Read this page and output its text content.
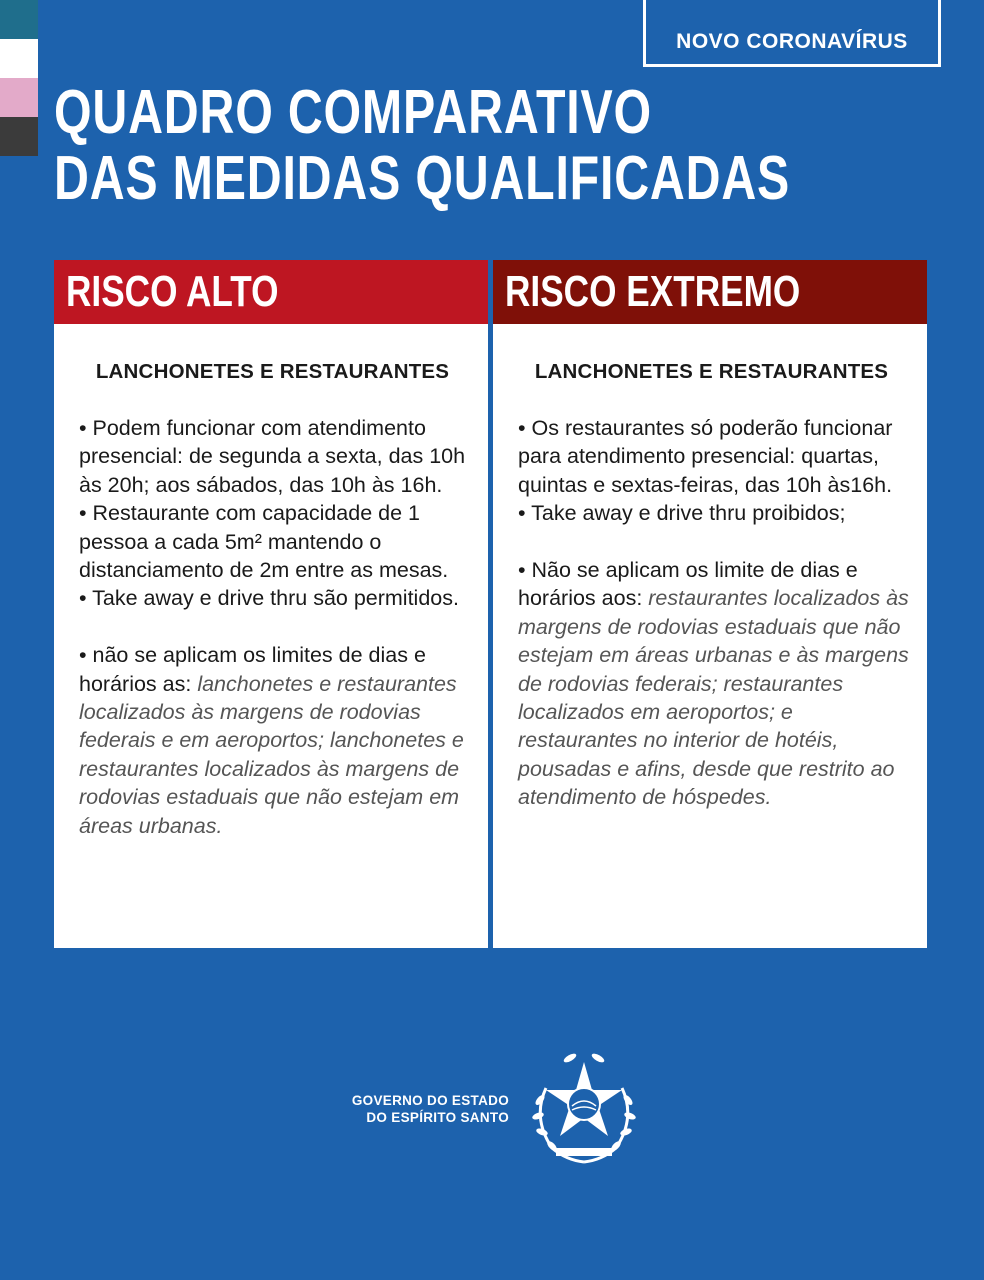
NOVO CORONAVÍRUS
QUADRO COMPARATIVO
DAS MEDIDAS QUALIFICADAS
RISCO ALTO
LANCHONETES E RESTAURANTES

• Podem funcionar com atendimento presencial: de segunda a sexta, das 10h às 20h; aos sábados, das 10h às 16h.

• Restaurante com capacidade de 1 pessoa a cada 5m² mantendo o distanciamento de 2m entre as mesas.

• Take away e drive thru são permitidos.

• não se aplicam os limites de dias e horários as: lanchonetes e restaurantes localizados às margens de rodovias federais e em aeroportos; lanchonetes e restaurantes localizados às margens de rodovias estaduais que não estejam em áreas urbanas.

RISCO EXTREMO
LANCHONETES E RESTAURANTES

• Os restaurantes só poderão funcionar para atendimento presencial: quartas, quintas e sextas-feiras, das 10h às16h.

• Take away e drive thru proibidos;

• Não se aplicam os limite de dias e horários aos: restaurantes localizados às margens de rodovias estaduais que não estejam em áreas urbanas e às margens de rodovias federais; restaurantes localizados em aeroportos; e restaurantes no interior de hotéis, pousadas e afins, desde que restrito ao atendimento de hóspedes.

GOVERNO DO ESTADO
DO ESPÍRITO SANTO
